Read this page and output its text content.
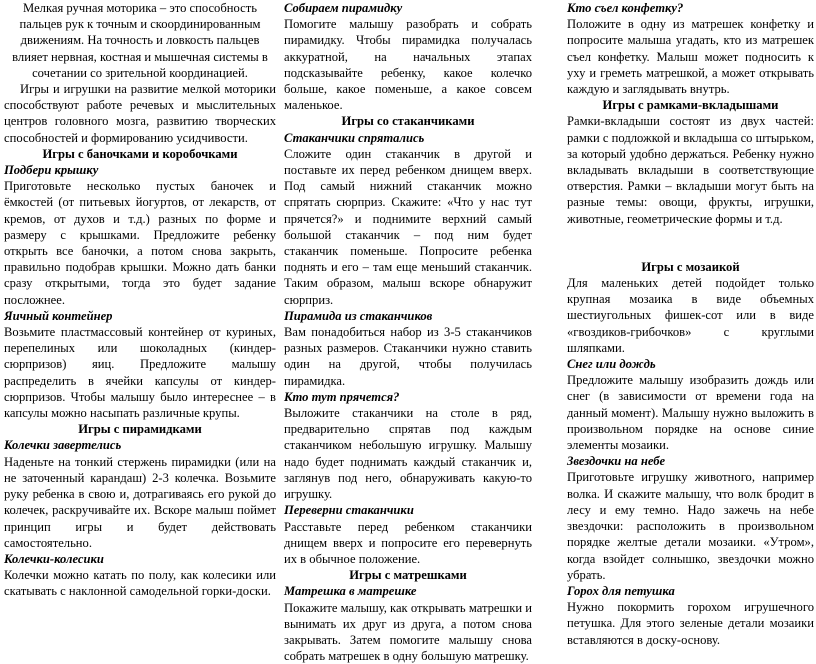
Мелкая ручная моторика – это способность пальцев рук к точным и скоординированным движениям. На точность и ловкость пальцев влияет нервная, костная и мышечная системы в сочетании со зрительной координацией.

Игры и игрушки на развитие мелкой моторики способствуют работе речевых и мыслительных центров головного мозга, развитию творческих способностей и формированию усидчивости.

Игры с баночками и коробочками

Подбери крышку

Приготовьте несколько пустых баночек и ёмкостей (от питьевых йогуртов, от лекарств, от кремов, от духов и т.д.) разных по форме и размеру с крышками. Предложите ребенку открыть все баночки, а потом снова закрыть, правильно подобрав крышки. Можно дать банки сразу открытыми, тогда это будет задание посложнее.

Яичный контейнер

Возьмите пластмассовый контейнер от куриных, перепелиных или шоколадных (киндер-сюрпризов) яиц. Предложите малышу распределить в ячейки капсулы от киндер-сюрпризов. Чтобы малышу было интереснее – в капсулы можно насыпать различные крупы.

Игры с пирамидками

Колечки завертелись

Наденьте на тонкий стержень пирамидки (или на не заточенный карандаш) 2-3 колечка. Возьмите руку ребенка в свою и, дотрагиваясь его рукой до колечек, раскручивайте их. Вскоре малыш поймет принцип игры и будет действовать самостоятельно.

Колечки-колесики

Колечки можно катать по полу, как колесики или скатывать с наклонной самодельной горки-доски.

Собираем пирамидку

Помогите малышу разобрать и собрать пирамидку. Чтобы пирамидка получалась аккуратной, на начальных этапах подсказывайте ребенку, какое колечко больше, какое поменьше, а какое совсем маленькое.

Игры со стаканчиками

Стаканчики спрятались

Сложите один стаканчик в другой и поставьте их перед ребенком днищем вверх. Под самый нижний стаканчик можно спрятать сюрприз. Скажите: «Что у нас тут прячется?» и поднимите верхний самый большой стаканчик – под ним будет стаканчик поменьше. Попросите ребенка поднять и его – там еще меньший стаканчик. Таким образом, малыш вскоре обнаружит сюрприз.

Пирамида из стаканчиков

Вам понадобиться набор из 3-5 стаканчиков разных размеров. Стаканчики нужно ставить один на другой, чтобы получилась пирамидка.

Кто тут прячется?

Выложите стаканчики на столе в ряд, предварительно спрятав под каждым стаканчиком небольшую игрушку. Малышу надо будет поднимать каждый стаканчик и, заглянув под него, обнаруживать какую-то игрушку.

Переверни стаканчики

Расставьте перед ребенком стаканчики днищем вверх и попросите его перевернуть их в обычное положение.

Игры с матрешками

Матрешка в матрешке

Покажите малышу, как открывать матрешки и вынимать их друг из друга, а потом снова закрывать. Затем помогите малышу снова собрать матрешек в одну большую матрешку.

Кто съел конфетку?

Положите в одну из матрешек конфетку и попросите малыша угадать, кто из матрешек съел конфетку. Малыш может подносить к уху и греметь матрешкой, а может открывать каждую и заглядывать внутрь.

Игры с рамками-вкладышами

Рамки-вкладыши состоят из двух частей: рамки с подложкой и вкладыша со штырьком, за который удобно держаться. Ребенку нужно вкладывать вкладыши в соответствующие отверстия. Рамки – вкладыши могут быть на разные темы: овощи, фрукты, игрушки, животные, геометрические формы и т.д.

Игры с мозаикой

Для маленьких детей подойдет только крупная мозаика в виде объемных шестиугольных фишек-сот или в виде «гвоздиков-грибочков» с круглыми шляпками.

Снег или дождь

Предложите малышу изобразить дождь или снег (в зависимости от времени года на данный момент). Малышу нужно выложить в произвольном порядке на основе синие элементы мозаики.

Звездочки на небе

Приготовьте игрушку животного, например волка. И скажите малышу, что волк бродит в лесу и ему темно. Надо зажечь на небе звездочки: расположить в произвольном порядке желтые детали мозаики. «Утром», когда взойдет солнышко, звездочки можно убрать.

Горох для петушка

Нужно покормить горохом игрушечного петушка. Для этого зеленые детали мозаики вставляются в доску-основу.
